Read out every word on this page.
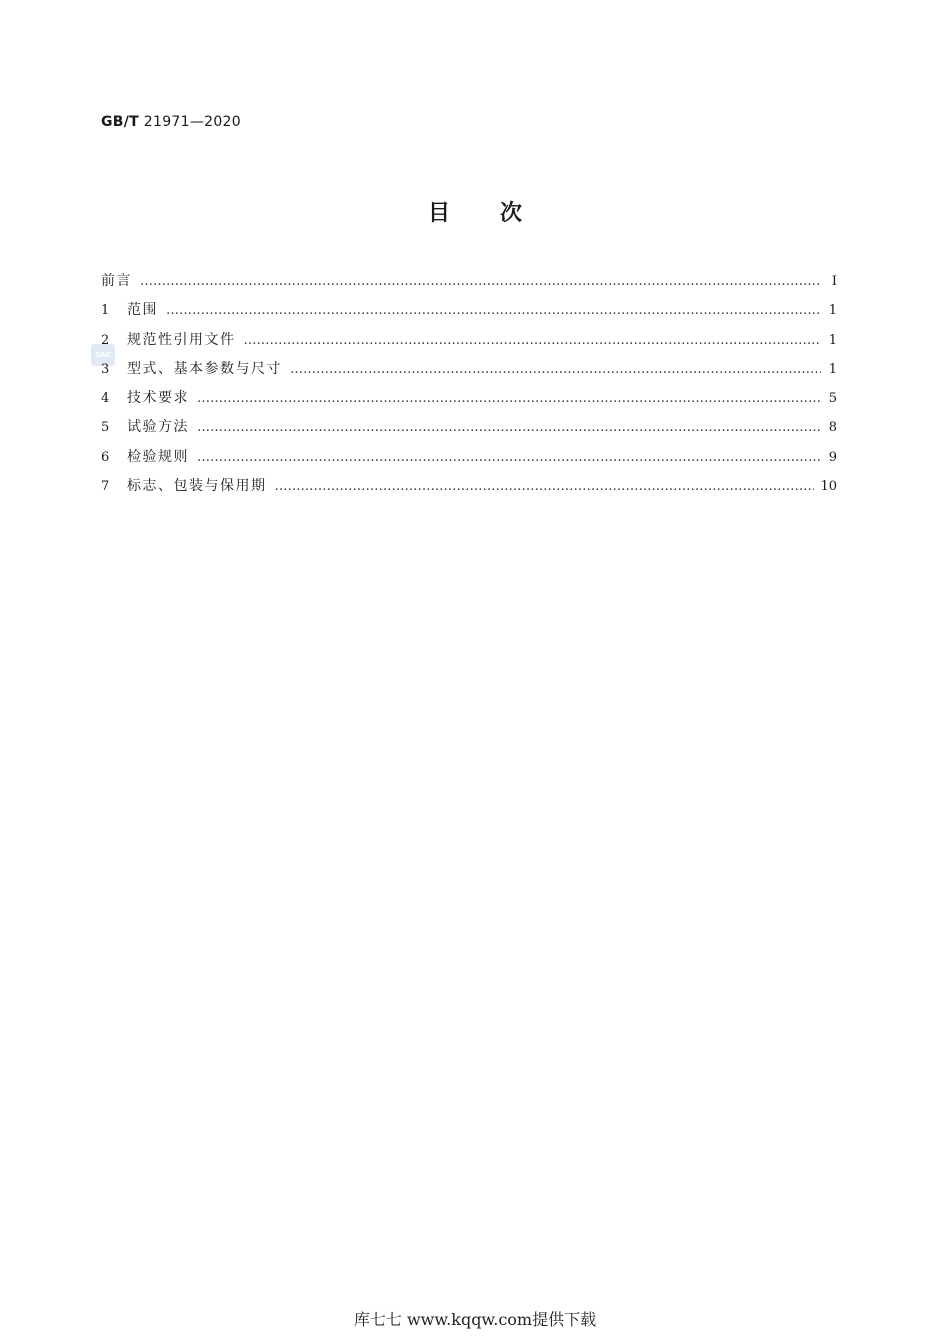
GB/T 21971—2020
目次
SAC
前言 ……………………………………………………………………………………………………………………………………………………………………………………	Ⅰ
1	范围 ……………………………………………………………………………………………………………………………………………………………………………………	1
2	规范性引用文件 ……………………………………………………………………………………………………………………………………………………………………………………	1
3	型式、基本参数与尺寸 ……………………………………………………………………………………………………………………………………………………………………………………	1
4	技术要求 ……………………………………………………………………………………………………………………………………………………………………………………	5
5	试验方法 ……………………………………………………………………………………………………………………………………………………………………………………	8
6	检验规则 ……………………………………………………………………………………………………………………………………………………………………………………	9
7	标志、包装与保用期 ……………………………………………………………………………………………………………………………………………………………………………………	10
库七七 www.kqqw.com提供下载
